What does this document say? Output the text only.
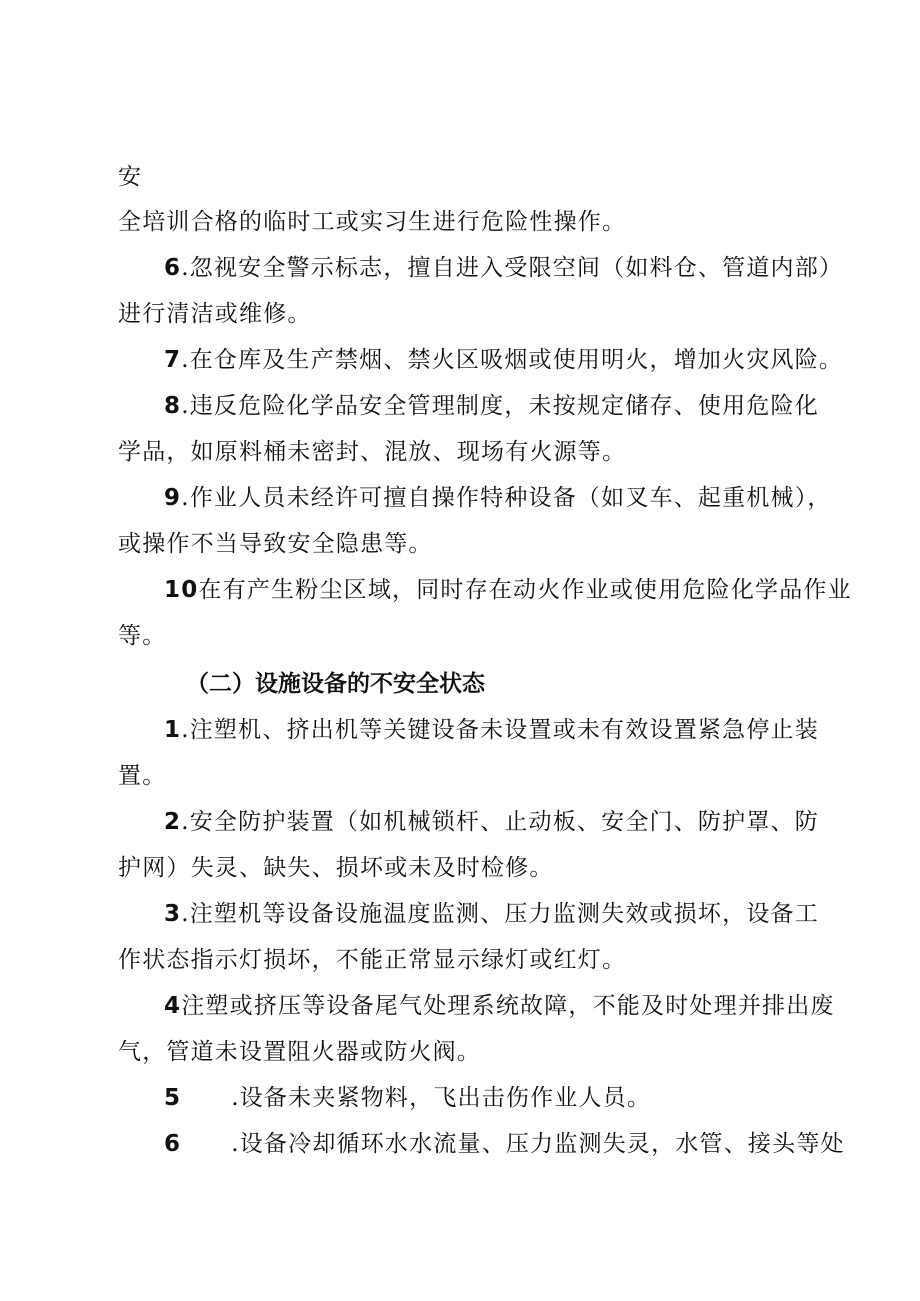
安
全培训合格的临时工或实习生进行危险性操作。
6.忽视安全警示标志，擅自进入受限空间（如料仓、管道内部）
进行清洁或维修。
7.在仓库及生产禁烟、禁火区吸烟或使用明火，增加火灾风险。
8.违反危险化学品安全管理制度，未按规定储存、使用危险化
学品，如原料桶未密封、混放、现场有火源等。
9.作业人员未经许可擅自操作特种设备（如叉车、起重机械），
或操作不当导致安全隐患等。
10在有产生粉尘区域，同时存在动火作业或使用危险化学品作业
等。
（二）设施设备的不安全状态
1.注塑机、挤出机等关键设备未设置或未有效设置紧急停止装
置。
2.安全防护装置（如机械锁杆、止动板、安全门、防护罩、防
护网）失灵、缺失、损坏或未及时检修。
3.注塑机等设备设施温度监测、压力监测失效或损坏，设备工
作状态指示灯损坏，不能正常显示绿灯或红灯。
4注塑或挤压等设备尾气处理系统故障，不能及时处理并排出废
气，管道未设置阻火器或防火阀。
5 .设备未夹紧物料，飞出击伤作业人员。
6 .设备冷却循环水水流量、压力监测失灵，水管、接头等处
